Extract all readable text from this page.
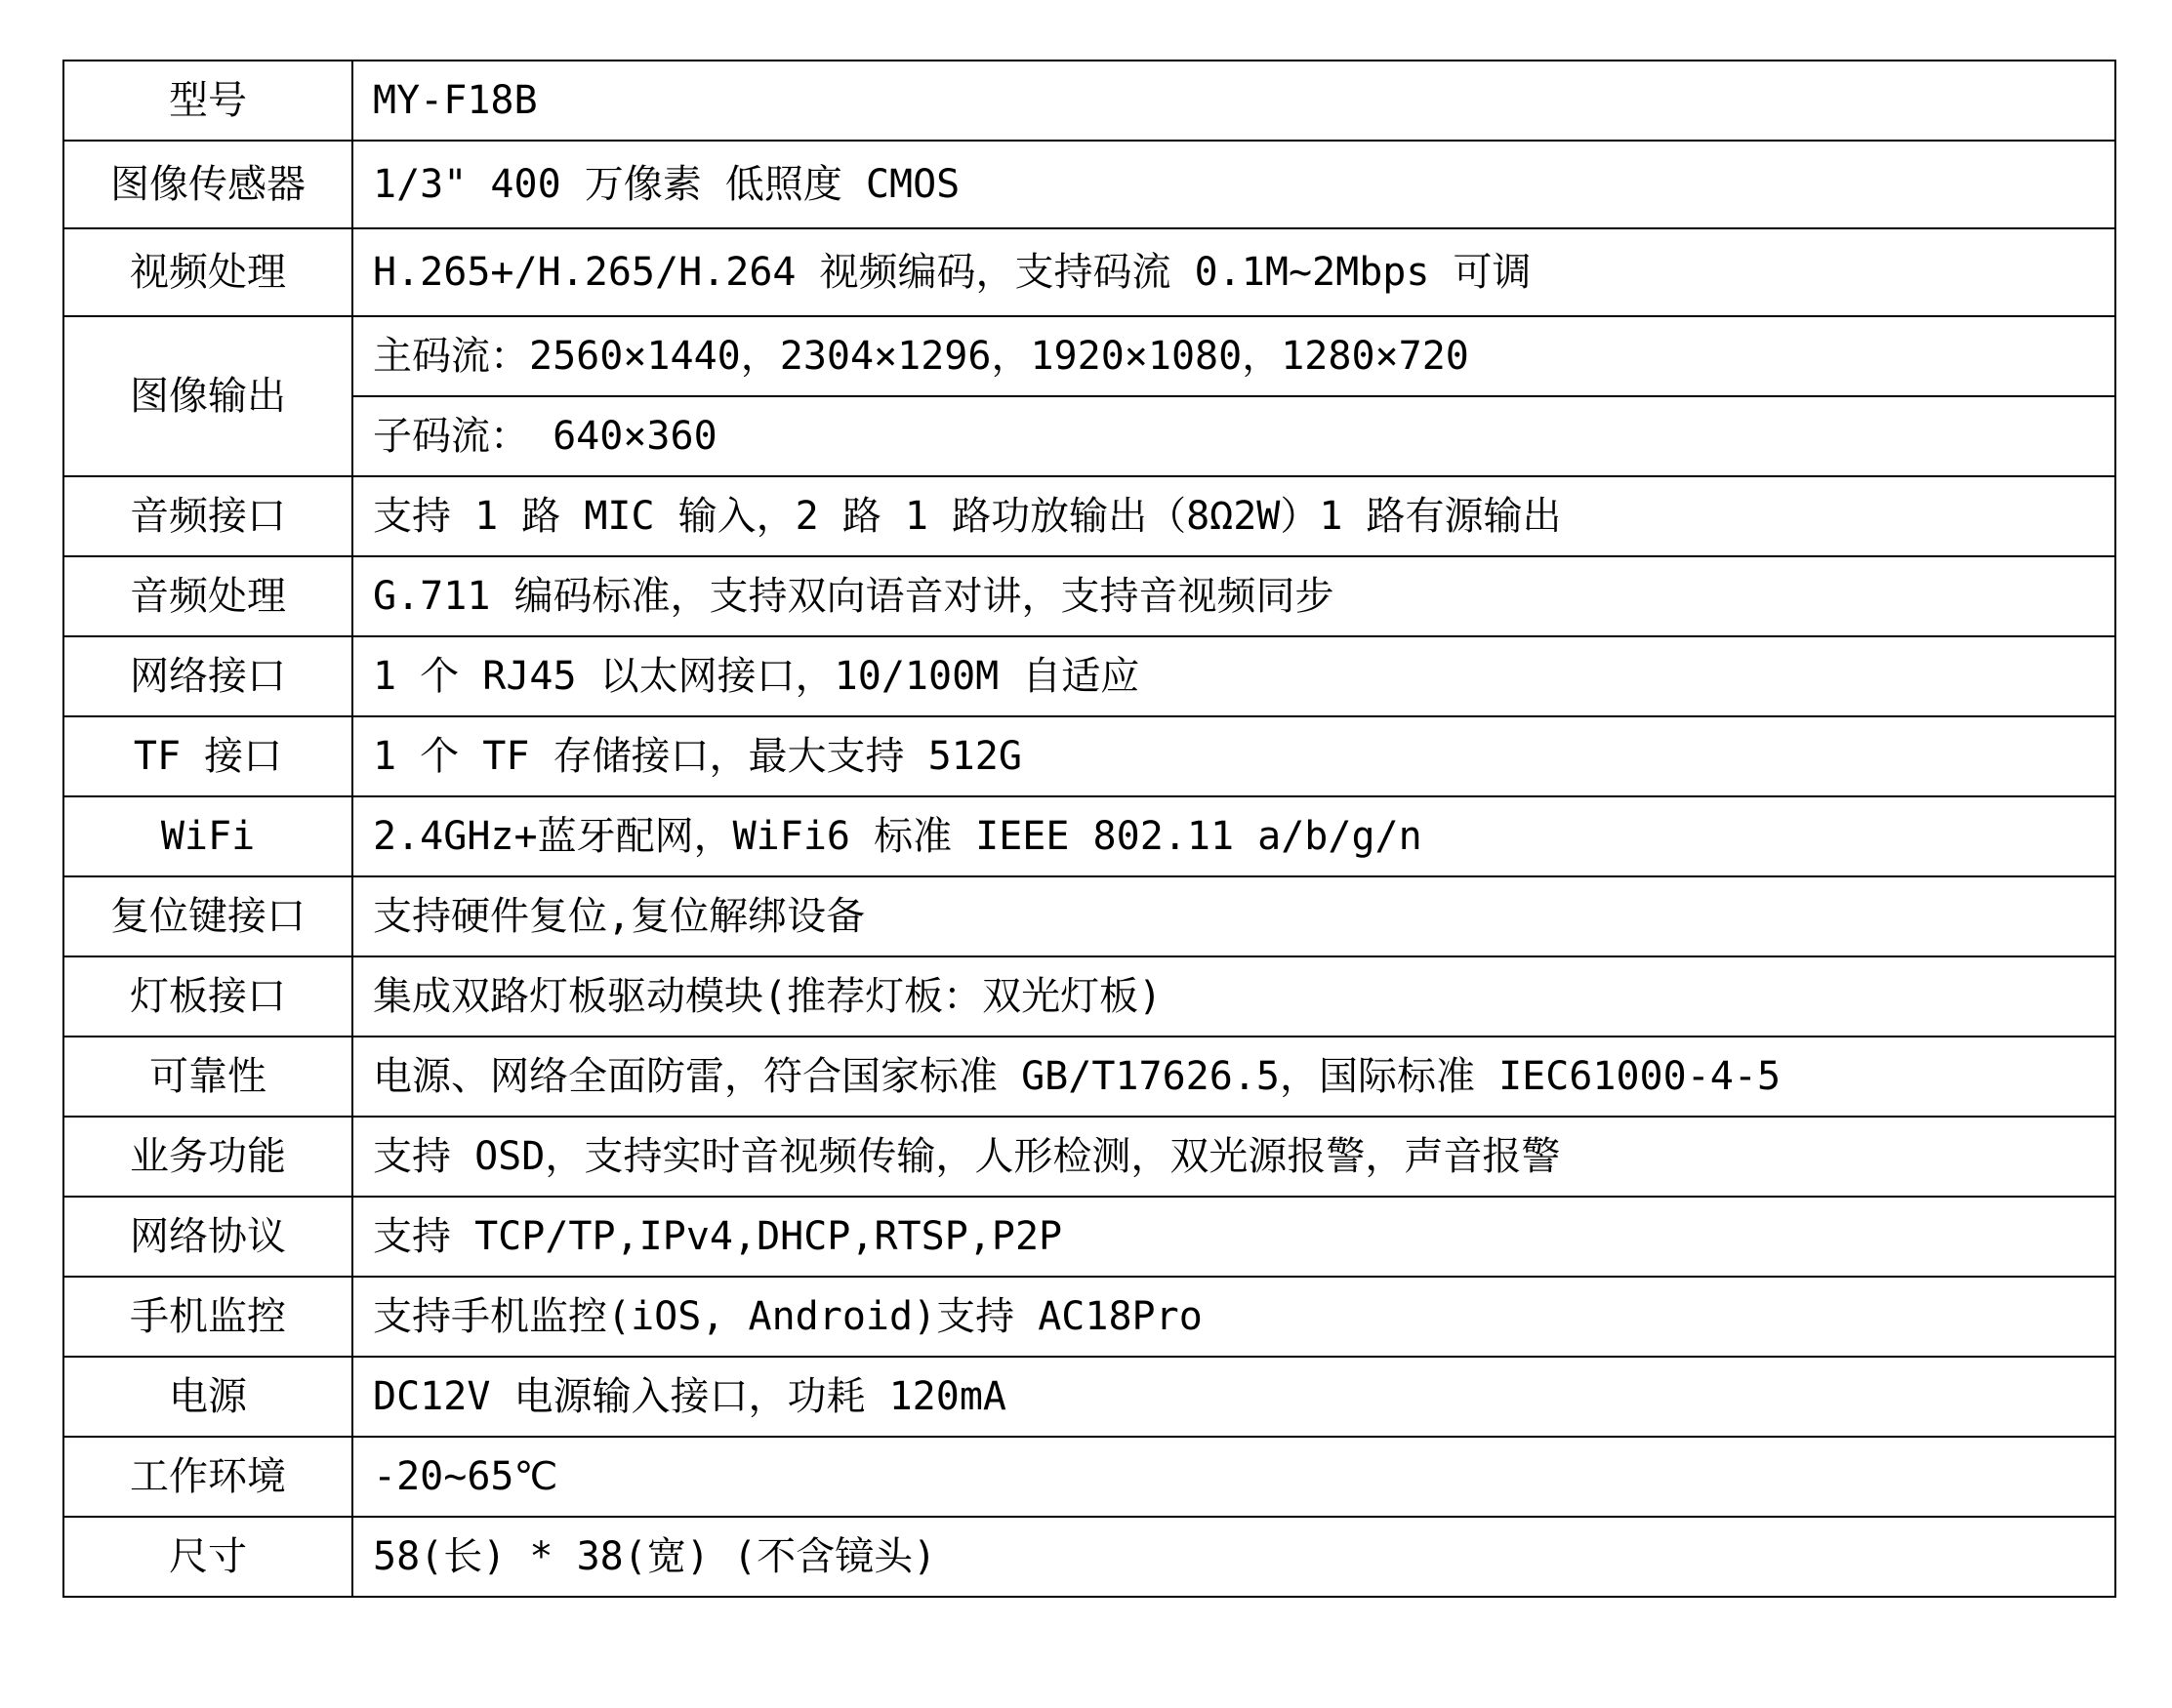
型号	MY-F18B
图像传感器	1/3" 400 万像素 低照度 CMOS
视频处理	H.265+/H.265/H.264 视频编码，支持码流 0.1M~2Mbps 可调
图像输出	主码流：2560×1440，2304×1296，1920×1080，1280×720
	子码流： 640×360
音频接口	支持 1 路 MIC 输入，2 路 1 路功放输出（8Ω2W）1 路有源输出
音频处理	G.711 编码标准，支持双向语音对讲，支持音视频同步
网络接口	1 个 RJ45 以太网接口，10/100M 自适应
TF 接口	1 个 TF 存储接口，最大支持 512G
WiFi	2.4GHz+蓝牙配网，WiFi6 标准 IEEE 802.11 a/b/g/n
复位键接口	支持硬件复位,复位解绑设备
灯板接口	集成双路灯板驱动模块(推荐灯板：双光灯板)
可靠性	电源、网络全面防雷，符合国家标准 GB/T17626.5，国际标准 IEC61000-4-5
业务功能	支持 OSD，支持实时音视频传输，人形检测，双光源报警，声音报警
网络协议	支持 TCP/TP,IPv4,DHCP,RTSP,P2P
手机监控	支持手机监控(iOS, Android)支持 AC18Pro
电源	DC12V 电源输入接口，功耗 120mA
工作环境	-20~65℃
尺寸	58(长) * 38(宽) (不含镜头)
